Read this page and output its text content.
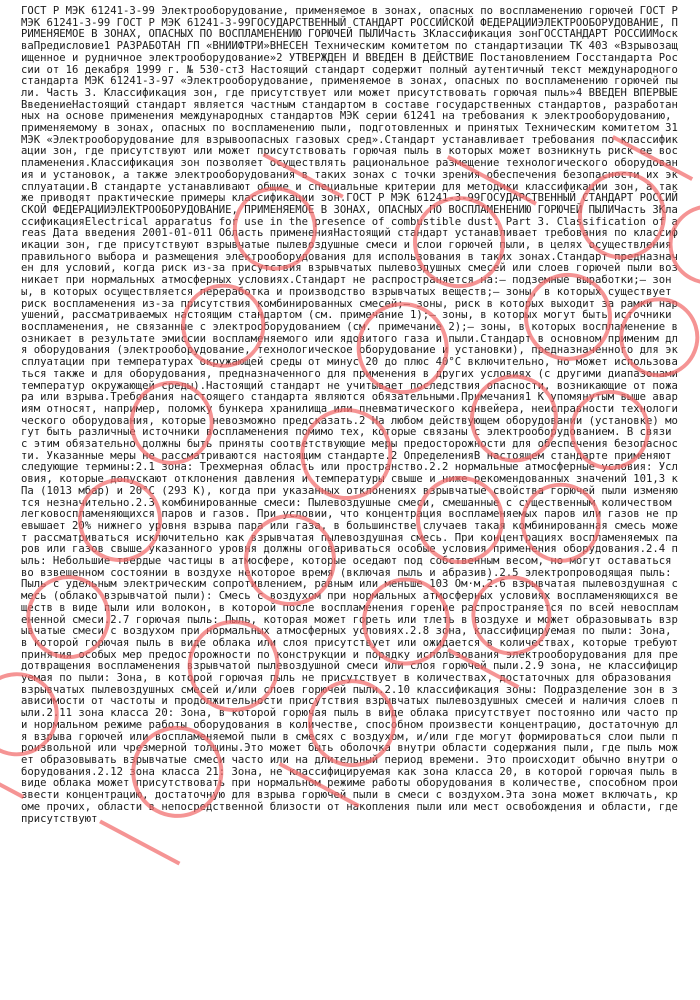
ГОСТ Р МЭК 61241-3-99 Электрооборудование, применяемое в зонах, опасных по воспламенению горючей ГОСТ Р МЭК 61241-3-99 ГОСТ Р МЭК 61241-3-99ГОСУДАРСТВЕННЫЙ СТАНДАРТ РОССИЙСКОЙ ФЕДЕРАЦИИЭЛЕКТРООБОРУДОВАНИЕ, ПРИМЕНЯЕМОЕ В ЗОНАХ, ОПАСНЫХ ПО ВОСПЛАМЕНЕНИЮ ГОРЮЧЕЙ ПЫЛИЧасть 3Классификация зонГОССТАНДАРТ РОССИИМоскваПредисловие1 РАЗРАБОТАН ГП «ВНИИФТРИ»ВНЕСЕН Техническим комитетом по стандартизации ТК 403 «Взрывозащищенное и рудничное электрооборудование»2 УТВЕРЖДЕН И ВВЕДЕН В ДЕЙСТВИЕ Постановлением Госстандарта России от 16 декабря 1999 г. № 530-ст3 Настоящий стандарт содержит полный аутентичный текст международного стандарта МЭК 61241-3-97 «Электрооборудование, применяемое в зонах, опасных по воспламенению горючей пыли. Часть 3. Классификация зон, где присутствует или может присутствовать горючая пыль»4 ВВЕДЕН ВПЕРВЫЕВведениеНастоящий стандарт является частным стандартом в составе государственных стандартов, разработанных на основе применения международных стандартов МЭК серии 61241 на требования к электрооборудованию, применяемому в зонах, опасных по воспламенению пыли, подготовленных и принятых Техническим комитетом 31 МЭК «Электрооборудование для взрывоопасных газовых сред».Стандарт устанавливает требования по классификации зон, где присутствуют или может присутствовать горючая пыль в которых может возникнуть риск ее воспламенения.Классификация зон позволяет осуществлять рациональное размещение технологического оборудования и установок, а также электрооборудования в таких зонах с точки зрения обеспечения безопасности их эксплуатации.В стандарте устанавливают общие и специальные критерии для методики классификации зон, а также приводят практические примеры классификации зон.ГОСТ Р МЭК 61241-3-99ГОСУДАРСТВЕННЫЙ СТАНДАРТ РОССИЙСКОЙ ФЕДЕРАЦИИЭЛЕКТРООБОРУДОВАНИЕ, ПРИМЕНЯЕМОЕ В ЗОНАХ, ОПАСНЫХ ПО ВОСПЛАМЕНЕНИЮ ГОРЮЧЕЙ ПЫЛИЧасть 3КлассификацияЕlectrical apparatus for use in the presence of combustible dust. Part 3. Сlassification of areas Дата введения 2001-01-011 Область примененияНастоящий стандарт устанавливает требования по классификации зон, где присутствуют взрывчатые пылевоздушные смеси и слои горючей пыли, в целях осуществления правильного выбора и размещения электрооборудования для использования в таких зонах.Стандарт предназначен для условий, когда риск из-за присутствия взрывчатых пылевоздушных смесей или слоев горючей пыли возникает при нормальных атмосферных условиях.Стандарт не распространяется на:– подземные выработки;– зоны, в которых осуществляется переработка и производство взрывчатых веществ;– зоны, в которых существует риск воспламенения из-за присутствия комбинированных смесей;– зоны, риск в которых выходит за рамки нарушений, рассматриваемых настоящим стандартом (см. примечание 1);– зоны, в которых могут быть источники воспламенения, не связанные с электрооборудованием (см. примечание 2);– зоны, в которых воспламенение возникает в результате эмиссии воспламеняемого или ядовитого газа и пыли.Стандарт в основном применим для оборудования (электрооборудование, технологическое оборудование и установки), предназначенного для эксплуатации при температурах окружающей среды от минус 20 до плюс 40°С включительно, но может использоваться также и для оборудования, предназначенного для применения в других условиях (с другими диапазонами температур окружающей среды).Настоящий стандарт не учитывает последствия опасности, возникающие от пожара или взрыва.Требования настоящего стандарта являются обязательными.Примечания1 К упомянутым выше авариям относят, например, поломку бункера хранилища или пневматического конвейера, неисправности технологического оборудования, которые невозможно предсказать.2 На любом действующем оборудовании (установке) могут быть различные источники воспламенения помимо тех, которые связаны с электрооборудованием. В связи с этим обязательно должны быть приняты соответствующие меры предосторожности для обеспечения безопасности. Указанные меры не рассматриваются настоящим стандартe.2 ОпределенияВ настоящем стандарте применяют следующие термины:2.1 зона: Трехмерная область или пространство.2.2 нормальные атмосферные условия: Условия, которые допускают отклонения давления и температуры свыше и ниже рекомендованных значений 101,3 кПа (1013 мбар) и 20°С (293 К), когда при указанных отклонениях взрывчатые свойства горючей пыли изменяются незначительно.2.3 комбинированные смеси: Пылевоздушные смеси, смешанные с существенным количеством легковоспламеняющихся паров и газов. При условии, что концентрация воспламеняемых паров или газов не превышает 20% нижнего уровня взрыва пара или газа, в большинстве случаев такая комбинированная смесь может рассматриваться исключительно как взрывчатая пылевоздушная смесь. При концентрациях воспламеняемых паров или газов свыше указанного уровня должны оговариваться особые условия применения оборудования.2.4 пыль: Небольшие твердые частицы в атмосфере, которые оседают под собственным весом, но могут оставаться во взвешенном состоянии в воздухе некоторое время (включая пыль и абразив).2.5 электропроводящая пыль: Пыль с удельным электрическим сопротивлением, равным или меньше 103 Ом·м.2.6 взрывчатая пылевоздушная смесь (облако взрывчатой пыли): Смесь с воздухом при нормальных атмосферных условиях воспламеняющихся веществ в виде пыли или волокон, в которой после воспламенения горение распространяется по всей невоспламененной смеси.2.7 горючая пыль: Пыль, которая может гореть или тлеть в воздухе и может образовывать взрывчатые смеси с воздухом при нормальных атмосферных условиях.2.8 зона, классифицируемая по пыли: Зона, в которой горючая пыль в виде облака или слоя присутствует или ожидается в количествах, которые требуют принятия особых мер предосторожности по конструкции и порядку использования электрооборудования для предотвращения воспламенения взрывчатой пылевоздушной смеси или слоя горючей пыли.2.9 зона, не классифицируемая по пыли: Зона, в которой горючая пыль не присутствует в количествах, достаточных для образования взрывчатых пылевоздушных смесей и/или слоев горючей пыли.2.10 классификация зоны: Подразделение зон в зависимости от частоты и продолжительности присутствия взрывчатых пылевоздушных смесей и наличия слоев пыли.2.11 зона класса 20: Зона, в которой горючая пыль в виде облака присутствует постоянно или часто при нормальном режиме работы оборудования в количестве, способном произвести концентрацию, достаточную для взрыва горючей или воспламеняемой пыли в смесях с воздухом, и/или где могут формироваться слои пыли произвольной или чрезмерной толщины.Это может быть оболочка внутри области содержания пыли, где пыль может образовывать взрывчатые смеси часто или на длительный период времени. Это происходит обычно внутри оборудования.2.12 зона класса 21: Зона, не классифицируемая как зона класса 20, в которой горючая пыль в виде облака может присутствовать при нормальном режиме работы оборудования в количестве, способном произвести концентрацию, достаточную для взрыва горючей пыли в смеси с воздухом.Эта зона может включать, кроме прочих, области в непосредственной близости от накопления пыли или мест освобождения и области, где присутствуют
